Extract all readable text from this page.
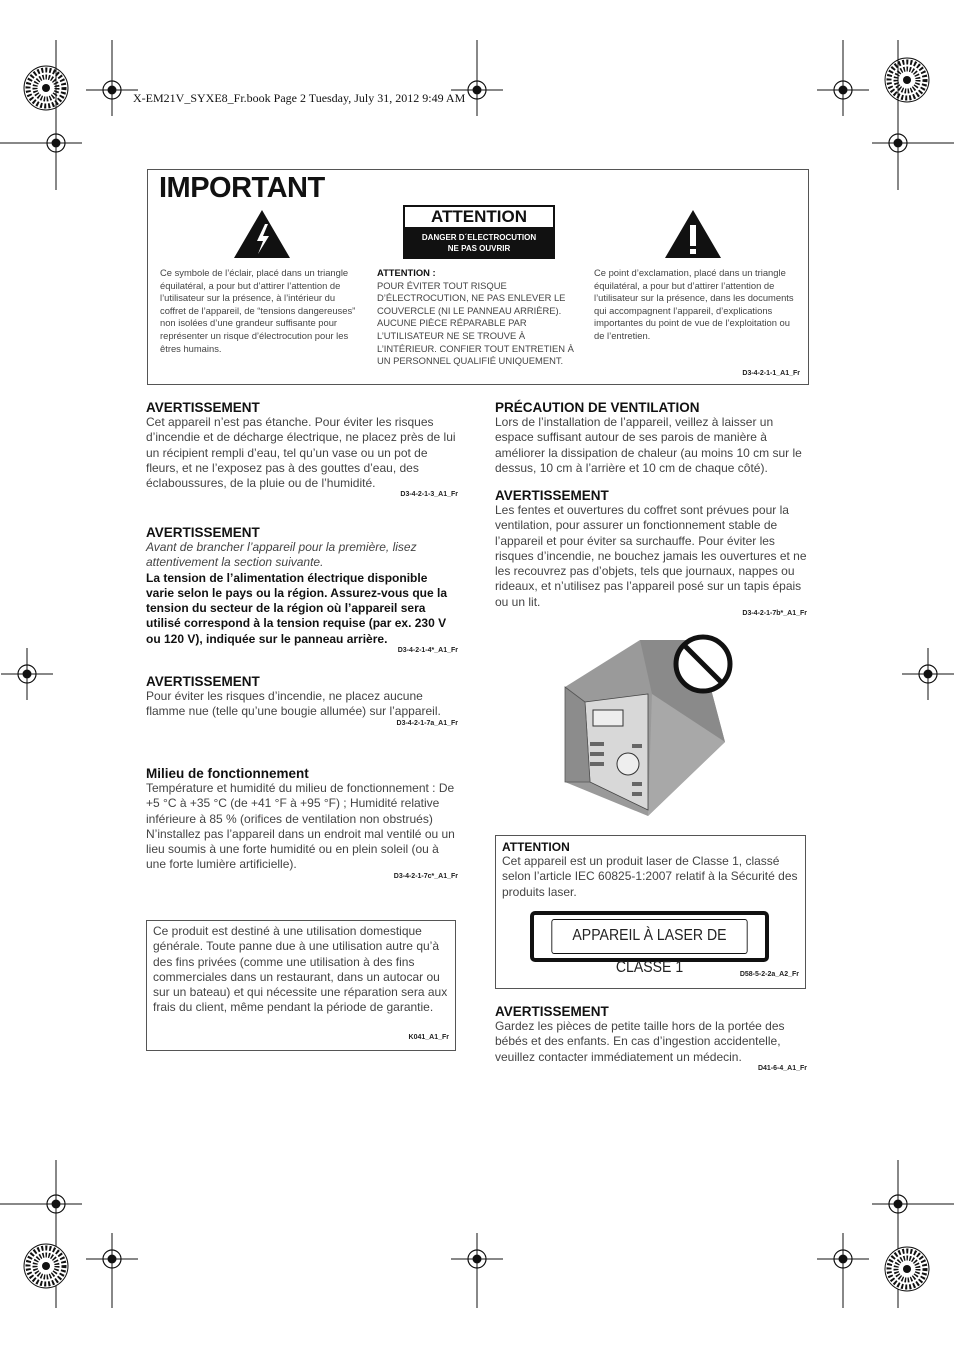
X-EM21V_SYXE8_Fr.book Page 2 Tuesday, July 31, 2012 9:49 AM
IMPORTANT
Ce symbole de l’éclair, placé dans un triangle équilatéral, a pour but d’attirer l’attention de l’utilisateur sur la présence, à l’intérieur du coffret de l’appareil, de “tensions dangereuses” non isolées d’une grandeur suffisante pour représenter un risque d’électrocution pour les êtres humains.
ATTENTION :
POUR ÉVITER TOUT RISQUE D’ÉLECTROCUTION, NE PAS ENLEVER LE COUVERCLE (NI LE PANNEAU ARRIÈRE). AUCUNE PIÈCE RÉPARABLE PAR L’UTILISATEUR NE SE TROUVE À L’INTÉRIEUR. CONFIER TOUT ENTRETIEN À UN PERSONNEL QUALIFIÉ UNIQUEMENT.
Ce point d’exclamation, placé dans un triangle équilatéral, a pour but d’attirer l’attention de l’utilisateur sur la présence, dans les documents qui accompagnent l’appareil, d’explications importantes du point de vue de l’exploitation ou de l’entretien.
D3-4-2-1-1_A1_Fr
ATTENTION
DANGER D´ELECTROCUTION
NE PAS OUVRIR
AVERTISSEMENT

Cet appareil n’est pas étanche. Pour éviter les risques d’incendie et de décharge électrique, ne placez près de lui un récipient rempli d’eau, tel qu’un vase ou un pot de fleurs, et ne l’exposez pas à des gouttes d’eau, des éclaboussures, de la pluie ou de l’humidité.

D3-4-2-1-3_A1_Fr
AVERTISSEMENT

Avant de brancher l’appareil pour la première, lisez attentivement la section suivante.

La tension de l’alimentation électrique disponible varie selon le pays ou la région. Assurez-vous que la tension du secteur de la région où l’appareil sera utilisé correspond à la tension requise (par ex. 230 V ou 120 V), indiquée sur le panneau arrière.

D3-4-2-1-4*_A1_Fr
AVERTISSEMENT

Pour éviter les risques d’incendie, ne placez aucune flamme nue (telle qu’une bougie allumée) sur l’appareil.

D3-4-2-1-7a_A1_Fr
Milieu de fonctionnement

Température et humidité du milieu de fonctionnement : De +5 °C à +35 °C (de +41 °F à +95 °F) ; Humidité relative inférieure à 85 % (orifices de ventilation non obstrués)

N’installez pas l’appareil dans un endroit mal ventilé ou un lieu soumis à une forte humidité ou en plein soleil (ou à une forte lumière artificielle).

D3-4-2-1-7c*_A1_Fr

Ce produit est destiné à une utilisation domestique générale. Toute panne due à une utilisation autre qu’à des fins privées (comme une utilisation à des fins commerciales dans un restaurant, dans un autocar ou sur un bateau) et qui nécessite une réparation sera aux frais du client, même pendant la période de garantie.

K041_A1_Fr
PRÉCAUTION DE VENTILATION

Lors de l’installation de l’appareil, veillez à laisser un espace suffisant autour de ses parois de manière à améliorer la dissipation de chaleur (au moins 10 cm sur le dessus, 10 cm à l’arrière et 10 cm de chaque côté).

AVERTISSEMENT

Les fentes et ouvertures du coffret sont prévues pour la ventilation, pour assurer un fonctionnement stable de l’appareil et pour éviter sa surchauffe. Pour éviter les risques d’incendie, ne bouchez jamais les ouvertures et ne les recouvrez pas d’objets, tels que journaux, nappes ou rideaux, et n’utilisez pas l’appareil posé sur un tapis épais ou un lit.

D3-4-2-1-7b*_A1_Fr
ATTENTION

Cet appareil est un produit laser de Classe 1, classé selon l’article IEC 60825-1:2007 relatif à la Sécurité des produits laser.

D58-5-2-2a_A2_Fr
APPAREIL À LASER DE CLASSE 1
AVERTISSEMENT

Gardez les pièces de petite taille hors de la portée des bébés et des enfants. En cas d’ingestion accidentelle, veuillez contacter immédiatement un médecin.

D41-6-4_A1_Fr
